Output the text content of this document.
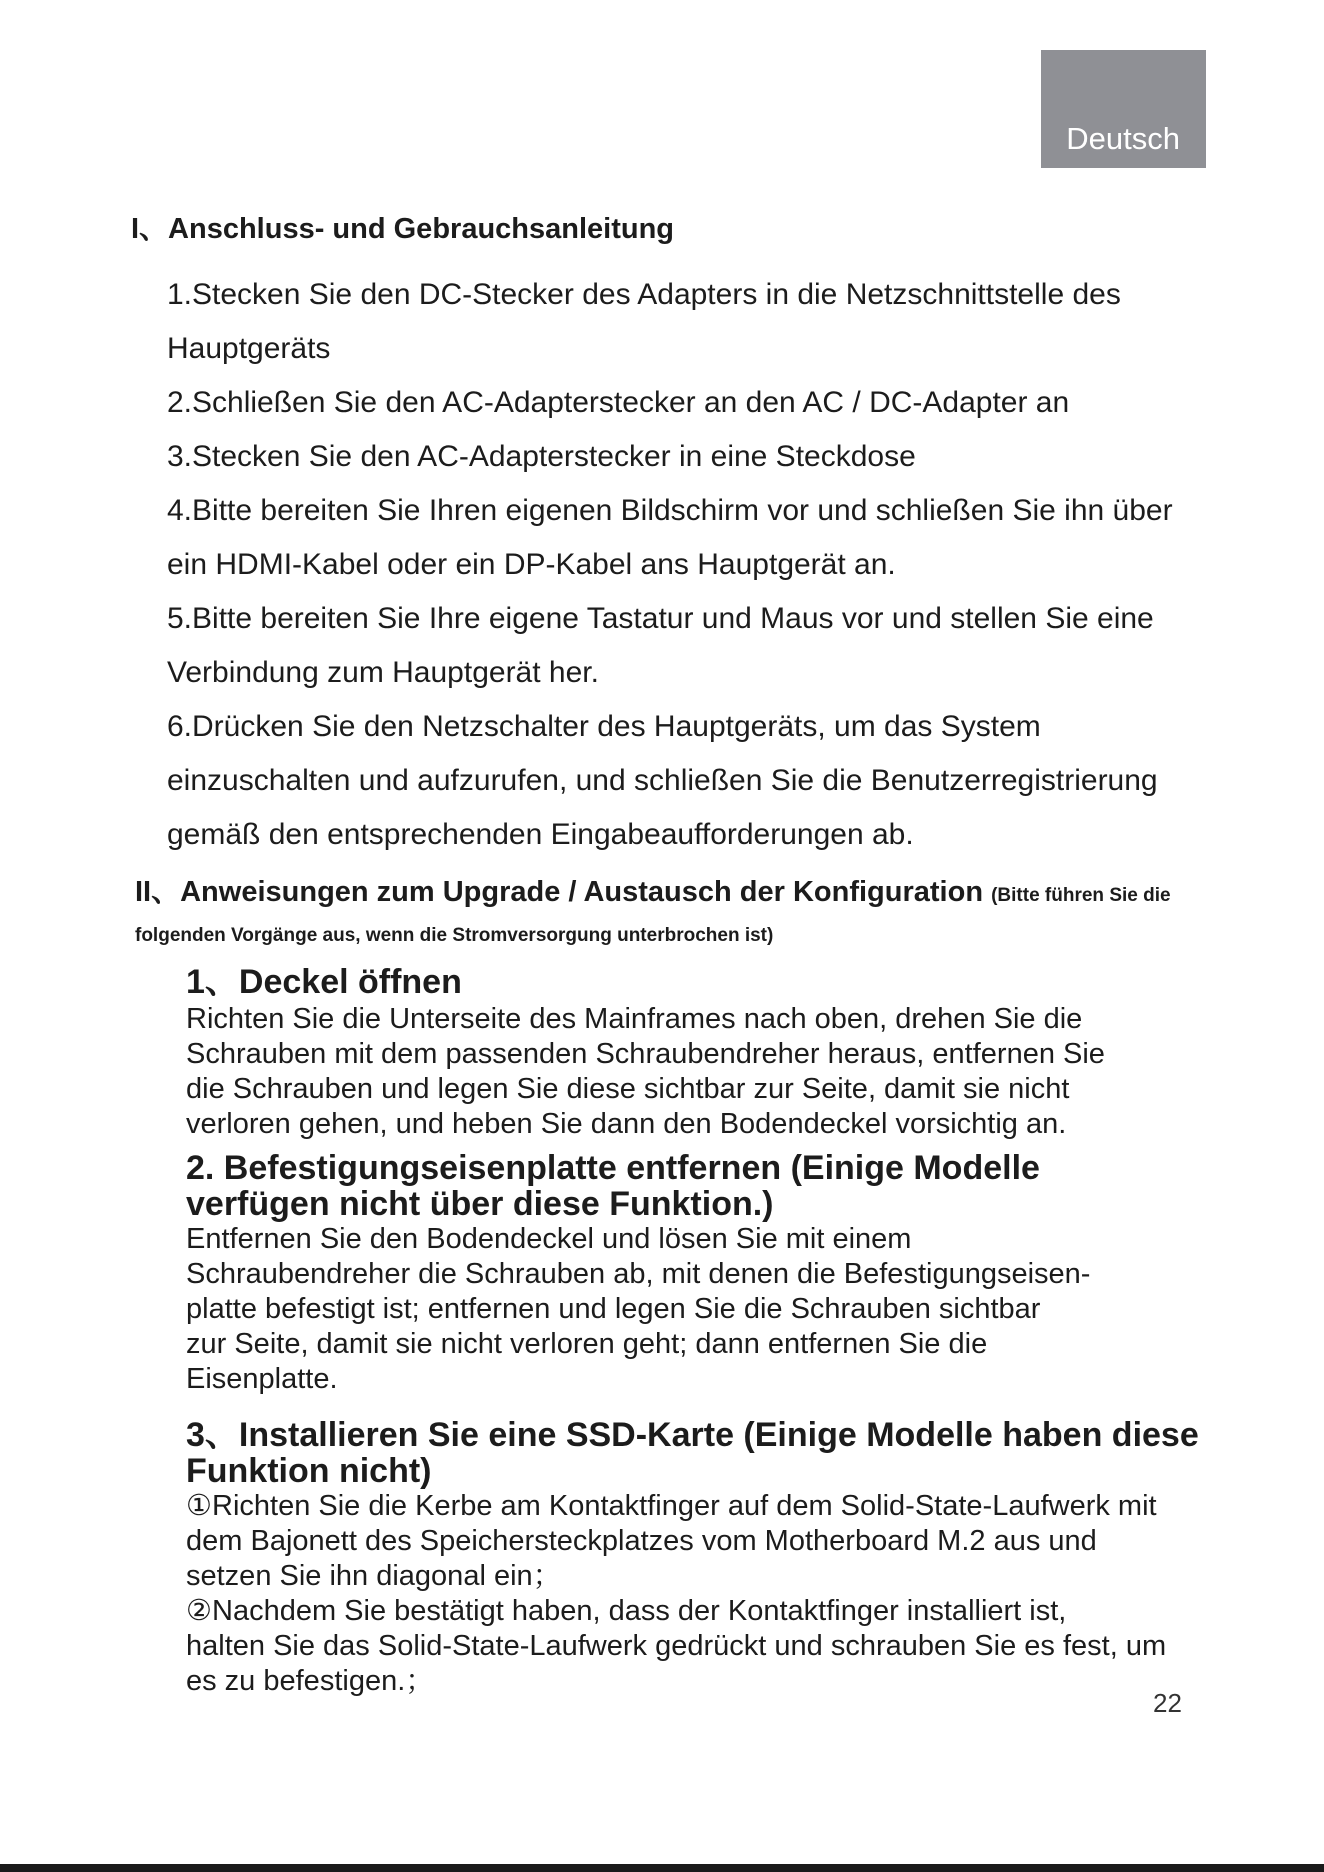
Deutsch
I、Anschluss- und Gebrauchsanleitung

1.Stecken Sie den DC-Stecker des Adapters in die Netzschnittstelle des

Hauptgeräts

2.Schließen Sie den AC-Adapterstecker an den AC / DC-Adapter an

3.Stecken Sie den AC-Adapterstecker in eine Steckdose

4.Bitte bereiten Sie Ihren eigenen Bildschirm vor und schließen Sie ihn über

ein HDMI-Kabel oder ein DP-Kabel ans Hauptgerät an.

5.Bitte bereiten Sie Ihre eigene Tastatur und Maus vor und stellen Sie eine

Verbindung zum Hauptgerät her.

6.Drücken Sie den Netzschalter des Hauptgeräts, um das System

einzuschalten und aufzurufen, und schließen Sie die Benutzerregistrierung

gemäß den entsprechenden Eingabeaufforderungen ab.

II、Anweisungen zum Upgrade / Austausch der Konfiguration (Bitte führen Sie die
folgenden Vorgänge aus, wenn die Stromversorgung unterbrochen ist)
1、Deckel öffnen
Richten Sie die Unterseite des Mainframes nach oben, drehen Sie die
Schrauben mit dem passenden Schraubendreher heraus, entfernen Sie
die Schrauben und legen Sie diese sichtbar zur Seite, damit sie nicht
verloren gehen, und heben Sie dann den Bodendeckel vorsichtig an.
2. Befestigungseisenplatte entfernen (Einige Modelle
verfügen nicht über diese Funktion.)
Entfernen Sie den Bodendeckel und lösen Sie mit einem
Schraubendreher die Schrauben ab, mit denen die Befestigungseisen-
platte befestigt ist; entfernen und legen Sie die Schrauben sichtbar
zur Seite, damit sie nicht verloren geht; dann entfernen Sie die
Eisenplatte.
3、Installieren Sie eine SSD-Karte (Einige Modelle haben diese
Funktion nicht)
①Richten Sie die Kerbe am Kontaktfinger auf dem Solid-State-Laufwerk mit
dem Bajonett des Speichersteckplatzes vom Motherboard M.2 aus und
setzen Sie ihn diagonal ein；
②Nachdem Sie bestätigt haben, dass der Kontaktfinger installiert ist,
halten Sie das Solid-State-Laufwerk gedrückt und schrauben Sie es fest, um
es zu befestigen.；
22
